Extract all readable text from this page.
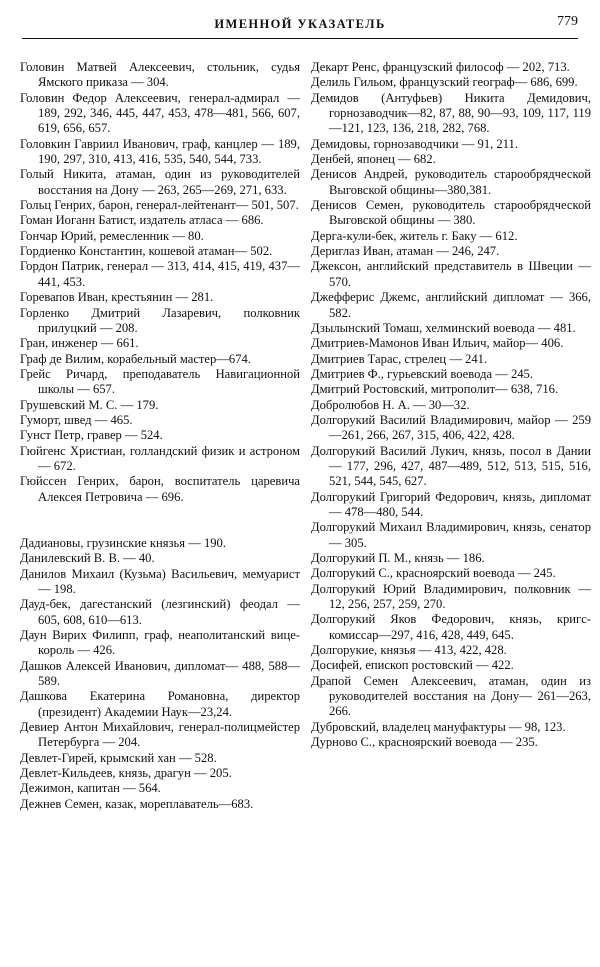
ИМЕННОЙ УКАЗАТЕЛЬ	779

Головин Матвей Алексеевич, стольник, судья Ямского приказа — 304.

Головин Федор Алексеевич, генерал-адмирал — 189, 292, 346, 445, 447, 453, 478—481, 566, 607, 619, 656, 657.

Головкин Гавриил Иванович, граф, канцлер — 189, 190, 297, 310, 413, 416, 535, 540, 544, 733.

Голый Никита, атаман, один из руководителей восстания на Дону — 263, 265—269, 271, 633.

Гольц Генрих, барон, генерал-лейтенант— 501, 507.

Гоман Иоганн Батист, издатель атласа — 686.

Гончар Юрий, ремесленник — 80.

Гордиенко Константин, кошевой атаман— 502.

Гордон Патрик, генерал — 313, 414, 415, 419, 437—441, 453.

Горевапов Иван, крестьянин — 281.

Горленко Дмитрий Лазаревич, полковник прилуцкий — 208.

Гран, инженер — 661.

Граф де Вилим, корабельный мастер—674.

Грейс Ричард, преподаватель Навигационной школы — 657.

Грушевский М. С. — 179.

Гуморт, швед — 465.

Гунст Петр, гравер — 524.

Гюйгенс Христиан, голландский физик и астроном — 672.

Гюйссен Генрих, барон, воспитатель царевича Алексея Петровича — 696.

Дадиановы, грузинские князья — 190.

Данилевский В. В. — 40.

Данилов Михаил (Кузьма) Васильевич, мемуарист — 198.

Дауд-бек, дагестанский (лезгинский) феодал — 605, 608, 610—613.

Даун Вирих Филипп, граф, неаполитанский вице-король — 426.

Дашков Алексей Иванович, дипломат— 488, 588—589.

Дашкова Екатерина Романовна, директор (президент) Академии Наук—23,24.

Девиер Антон Михайлович, генерал-полицмейстер Петербурга — 204.

Девлет-Гирей, крымский хан — 528.

Девлет-Кильдеев, князь, драгун — 205.

Дежимон, капитан — 564.

Дежнев Семен, казак, мореплаватель—683.

Декарт Ренс, французский философ — 202, 713.

Делиль Гильом, французский географ— 686, 699.

Демидов (Антуфьев) Никита Демидович, горнозаводчик—82, 87, 88, 90—93, 109, 117, 119—121, 123, 136, 218, 282, 768.

Демидовы, горнозаводчики — 91, 211.

Денбей, японец — 682.

Денисов Андрей, руководитель старообрядческой Выговской общины—380,381.

Денисов Семен, руководитель старообрядческой Выговской общины — 380.

Дерга-кули-бек, житель г. Баку — 612.

Дериглаз Иван, атаман — 246, 247.

Джексон, английский представитель в Швеции — 570.

Джефферис Джемс, английский дипломат — 366, 582.

Дзылынский Томаш, хелминский воевода — 481.

Дмитриев-Мамонов Иван Ильич, майор— 406.

Дмитриев Тарас, стрелец — 241.

Дмитриев Ф., гурьевский воевода — 245.

Дмитрий Ростовский, митрополит— 638, 716.

Добролюбов Н. А. — 30—32.

Долгорукий Василий Владимирович, майор — 259—261, 266, 267, 315, 406, 422, 428.

Долгорукий Василий Лукич, князь, посол в Дании — 177, 296, 427, 487—489, 512, 513, 515, 516, 521, 544, 545, 627.

Долгорукий Григорий Федорович, князь, дипломат — 478—480, 544.

Долгорукий Михаил Владимирович, князь, сенатор — 305.

Долгорукий П. М., князь — 186.

Долгорукий С., красноярский воевода — 245.

Долгорукий Юрий Владимирович, полковник — 12, 256, 257, 259, 270.

Долгорукий Яков Федорович, князь, кригс-комиссар—297, 416, 428, 449, 645.

Долгорукие, князья — 413, 422, 428.

Досифей, епископ ростовский — 422.

Драпой Семен Алексеевич, атаман, один из руководителей восстания на Дону— 261—263, 266.

Дубровский, владелец мануфактуры — 98, 123.

Дурново С., красноярский воевода — 235.
